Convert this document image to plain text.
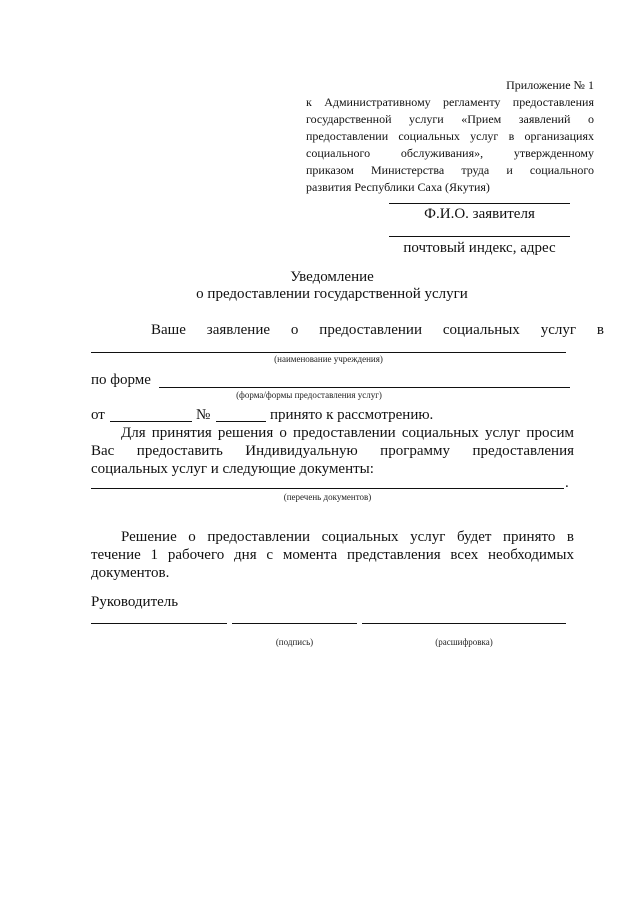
Приложение № 1
к Административному регламенту предоставления
государственной услуги «Прием заявлений о
предоставлении социальных услуг в организациях
социального обслуживания», утвержденному
приказом Министерства труда и социального
развития Республики Саха (Якутия)
Ф.И.О. заявителя
почтовый индекс, адрес
Уведомление
о предоставлении государственной услуги
Ваше заявление о предоставлении социальных услуг в
(наименование учреждения)
по форме
(форма/формы предоставления услуг)
от	№	принято к рассмотрению.
Для принятия решения о предоставлении социальных услуг просим
Вас предоставить Индивидуальную программу предоставления
социальных услуг и следующие документы:
.
(перечень документов)
Решение о предоставлении социальных услуг будет принято в
течение 1 рабочего дня с момента представления всех необходимых
документов.
Руководитель
(подпись)	(расшифровка)
